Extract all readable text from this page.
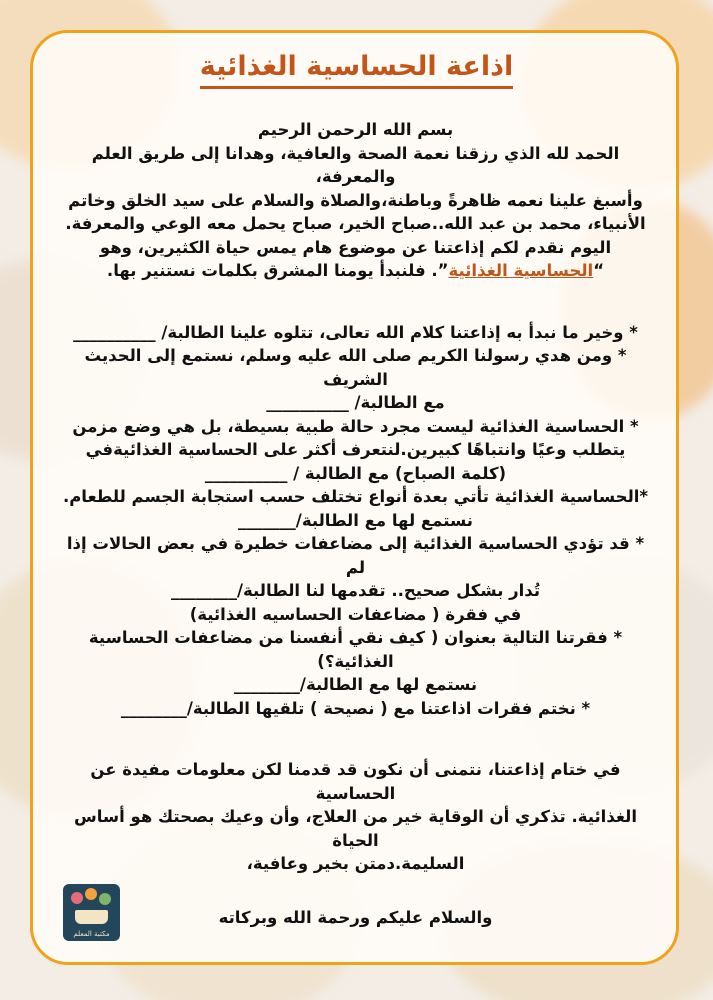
اذاعة الحساسية الغذائية

بسم الله الرحمن الرحيم

الحمد لله الذي رزقنا نعمة الصحة والعافية، وهدانا إلى طريق العلم والمعرفة،

وأسبغ علينا نعمه ظاهرةً وباطنة،والصلاة والسلام على سيد الخلق وخاتم

الأنبياء، محمد بن عبد الله..صباح الخير، صباح يحمل معه الوعي والمعرفة.

اليوم نقدم لكم إذاعتنا عن موضوع هام يمس حياة الكثيرين، وهو

“الحساسية الغذائية”. فلنبدأ يومنا المشرق بكلمات نستنير بها.

* وخير ما نبدأ به إذاعتنا كلام الله تعالى، تتلوه علينا الطالبة/ __________

* ومن هدي رسولنا الكريم صلى الله عليه وسلم، نستمع إلى الحديث الشريف

مع الطالبة/ __________

* الحساسية الغذائية ليست مجرد حالة طبية بسيطة، بل هي وضع مزمن

يتطلب وعيًا وانتباهًا كبيرين.لنتعرف أكثر على الحساسية الغذائيةفي

(كلمة الصباح) مع الطالبة / __________

*الحساسية الغذائية تأتي بعدة أنواع تختلف حسب استجابة الجسم للطعام.

نستمع لها مع الطالبة/_______

* قد تؤدي الحساسية الغذائية إلى مضاعفات خطيرة في بعض الحالات إذا لم

تُدار بشكل صحيح.. تقدمها لنا الطالبة/________

في فقرة ( مضاعفات الحساسيه الغذائية)

* فقرتنا التالية بعنوان ( كيف نقي أنفسنا من مضاعفات الحساسية الغذائية؟)

نستمع لها مع الطالبة/________

* نختم فقرات اذاعتنا مع ( نصيحة ) تلقيها الطالبة/________

في ختام إذاعتنا، نتمنى أن نكون قد قدمنا لكن معلومات مفيدة عن الحساسية

الغذائية. تذكري أن الوقاية خير من العلاج، وأن وعيك بصحتك هو أساس الحياة

السليمة.دمتن بخير وعافية،

والسلام عليكم ورحمة الله وبركاته

مكتبة المعلم
